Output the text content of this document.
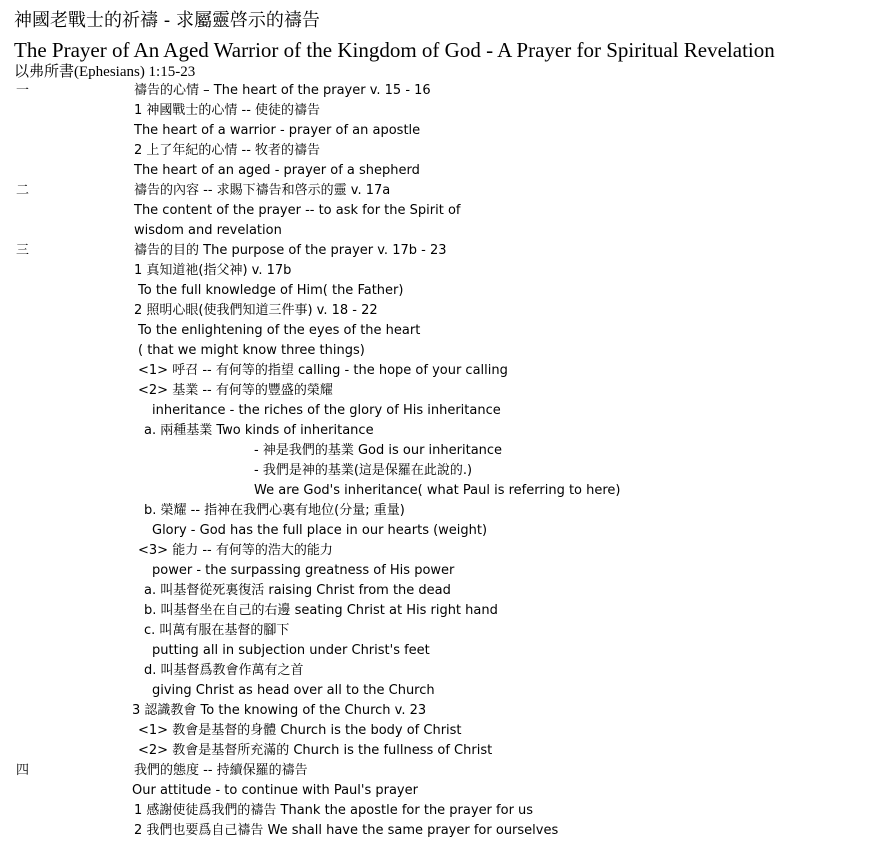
神國老戰士的祈禱 - 求屬靈啓示的禱告
The Prayer of An Aged Warrior of the Kingdom of God - A Prayer for Spiritual Revelation
以弗所書(Ephesians) 1:15-23
一	禱告的心情 – The heart of the prayer v. 15 - 16
1 神國戰士的心情 -- 使徒的禱告
The heart of a warrior - prayer of an apostle
2 上了年紀的心情 -- 牧者的禱告
The heart of an aged - prayer of a shepherd
二	禱告的內容 -- 求賜下禱告和啓示的靈 v. 17a
The content of the prayer -- to ask for the Spirit of
wisdom and revelation
三	禱告的目的 The purpose of the prayer v. 17b - 23
1 真知道祂(指父神) v. 17b
To the full knowledge of Him( the Father)
2 照明心眼(使我們知道三件事) v. 18 - 22
To the enlightening of the eyes of the heart
( that we might know three things)
<1> 呼召 -- 有何等的指望 calling - the hope of your calling
<2> 基業 -- 有何等的豐盛的榮耀
inheritance - the riches of the glory of His inheritance
a. 兩種基業 Two kinds of inheritance
- 神是我們的基業 God is our inheritance
- 我們是神的基業(這是保羅在此說的.)
We are God's inheritance( what Paul is referring to here)
b. 榮耀 -- 指神在我們心裏有地位(分量; 重量)
Glory - God has the full place in our hearts (weight)
<3> 能力 -- 有何等的浩大的能力
power - the surpassing greatness of His power
a. 叫基督從死裏復活 raising Christ from the dead
b. 叫基督坐在自己的右邊 seating Christ at His right hand
c. 叫萬有服在基督的腳下
putting all in subjection under Christ's feet
d. 叫基督爲教會作萬有之首
giving Christ as head over all to the Church
3 認識教會 To the knowing of the Church v. 23
<1> 教會是基督的身體 Church is the body of Christ
<2> 教會是基督所充滿的 Church is the fullness of Christ
四	我們的態度 -- 持續保羅的禱告
Our attitude - to continue with Paul's prayer
1 感謝使徒爲我們的禱告 Thank the apostle for the prayer for us
2 我們也要爲自己禱告 We shall have the same prayer for ourselves
